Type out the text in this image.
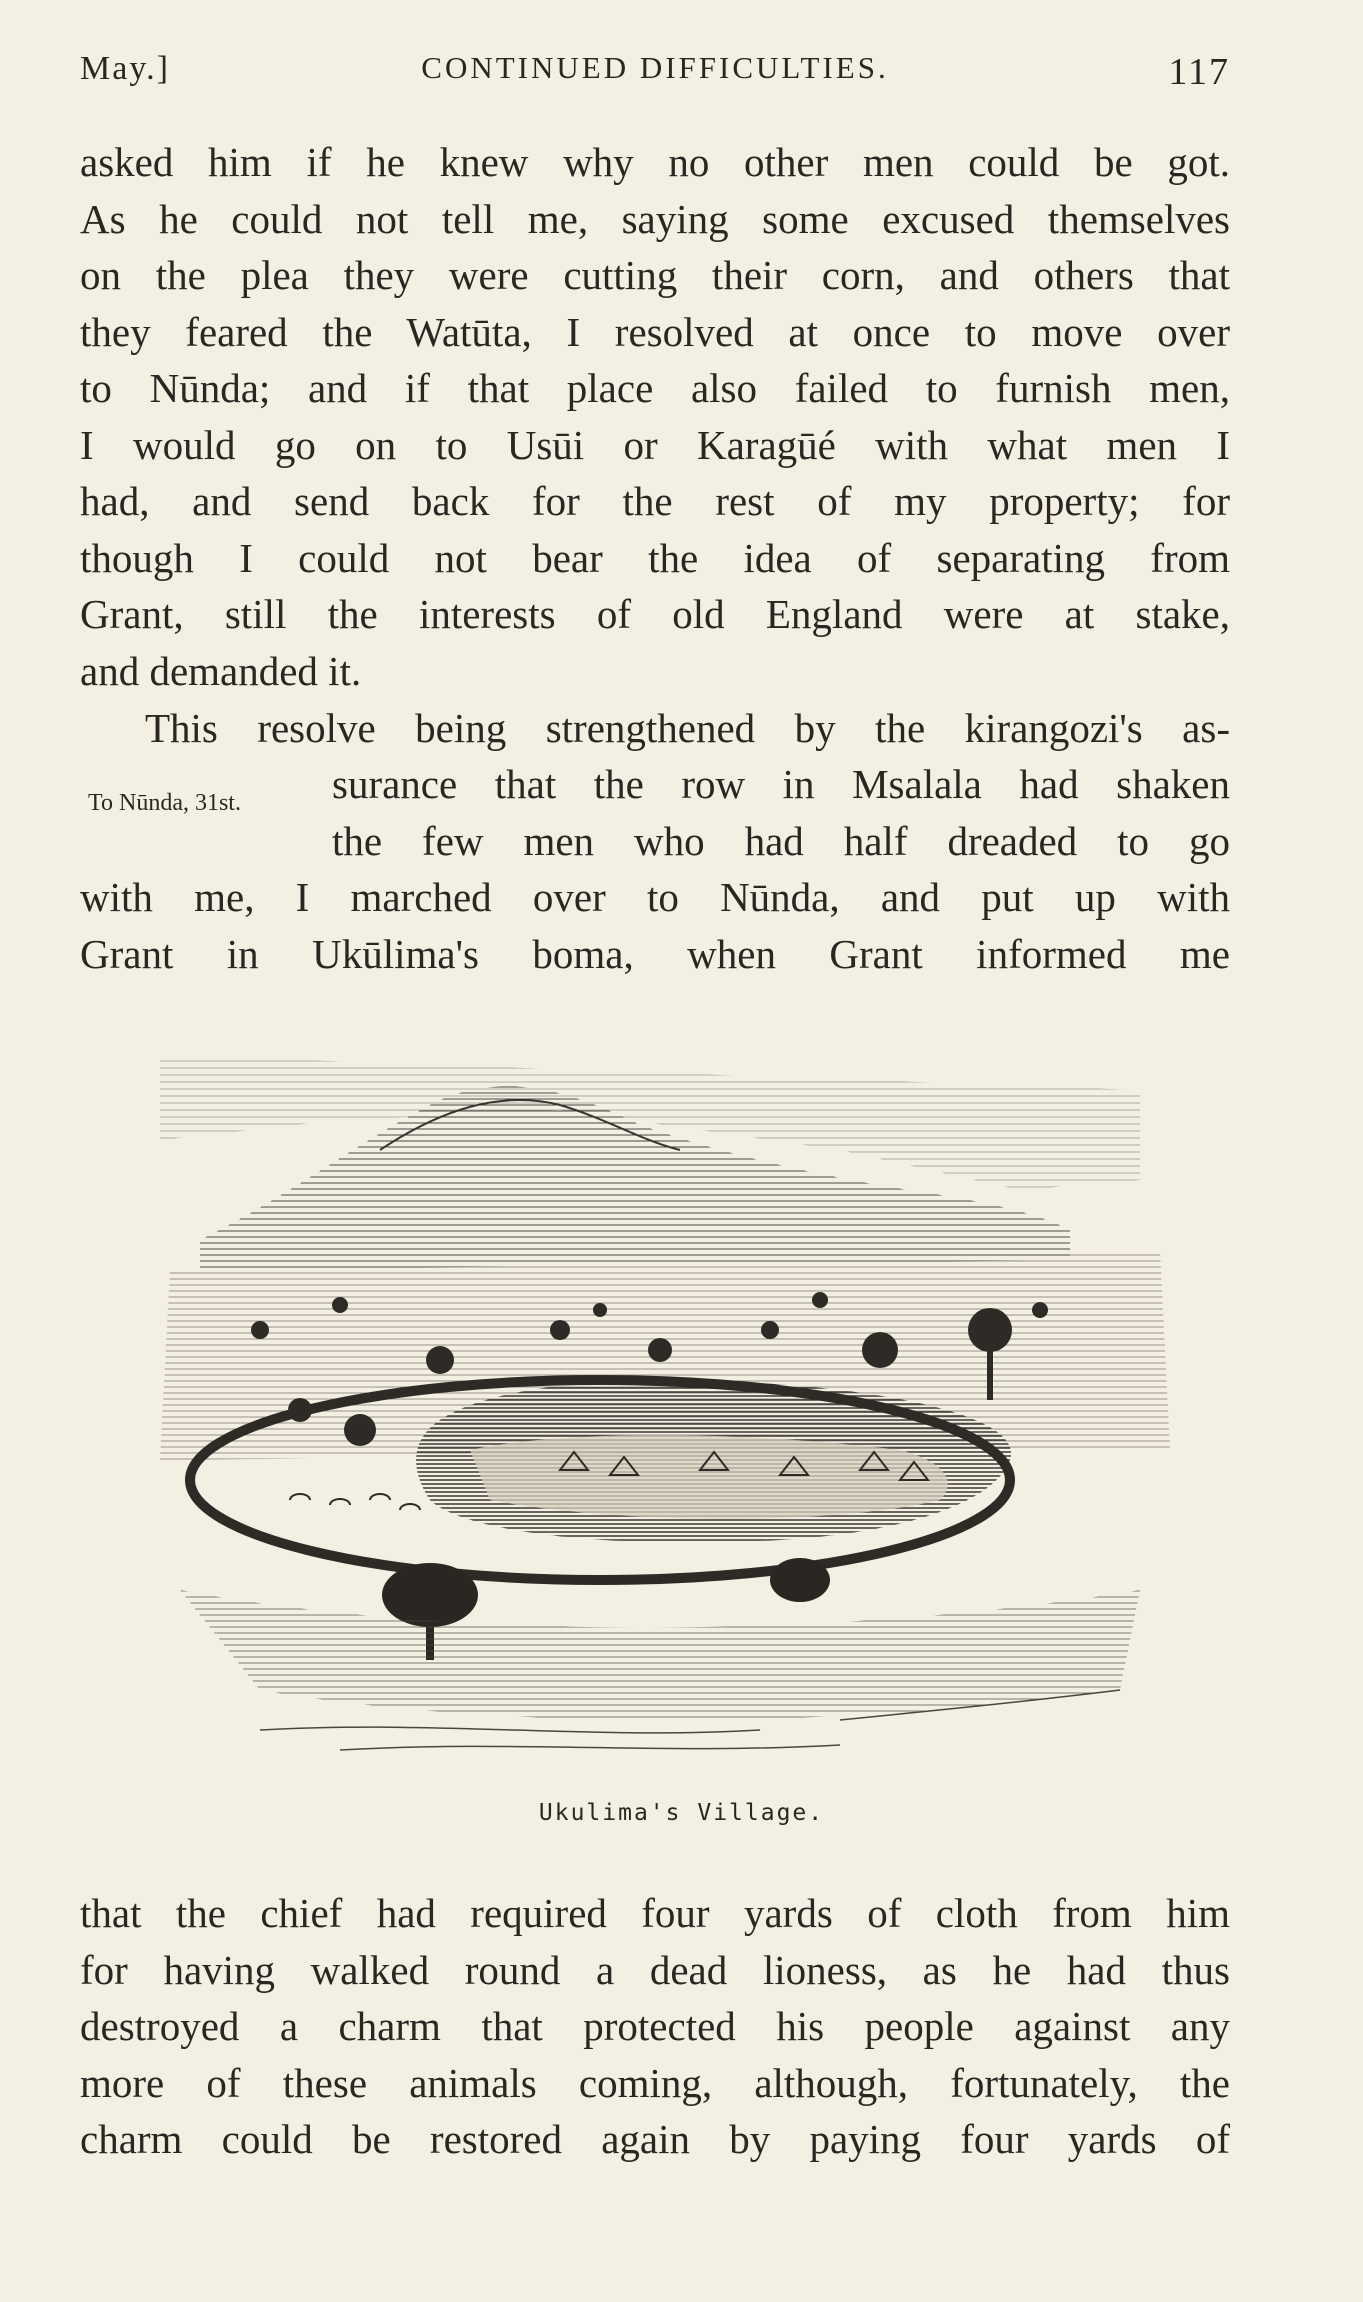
May.]	CONTINUED DIFFICULTIES.	117
asked him if he knew why no other men could be got.
As he could not tell me, saying some excused themselves
on the plea they were cutting their corn, and others that
they feared the Watūta, I resolved at once to move over
to Nūnda; and if that place also failed to furnish men,
I would go on to Usūi or Karagūé with what men I
had, and send back for the rest of my property; for
though I could not bear the idea of separating from
Grant, still the interests of old England were at stake,
and demanded it.
This resolve being strengthened by the kirangozi's as-
To Nūnda, 31st. surance that the row in Msalala had shaken
the few men who had half dreaded to go
with me, I marched over to Nūnda, and put up with
Grant in Ukūlima's boma, when Grant informed me
Ukulima's Village.
that the chief had required four yards of cloth from him
for having walked round a dead lioness, as he had thus
destroyed a charm that protected his people against any
more of these animals coming, although, fortunately, the
charm could be restored again by paying four yards of
